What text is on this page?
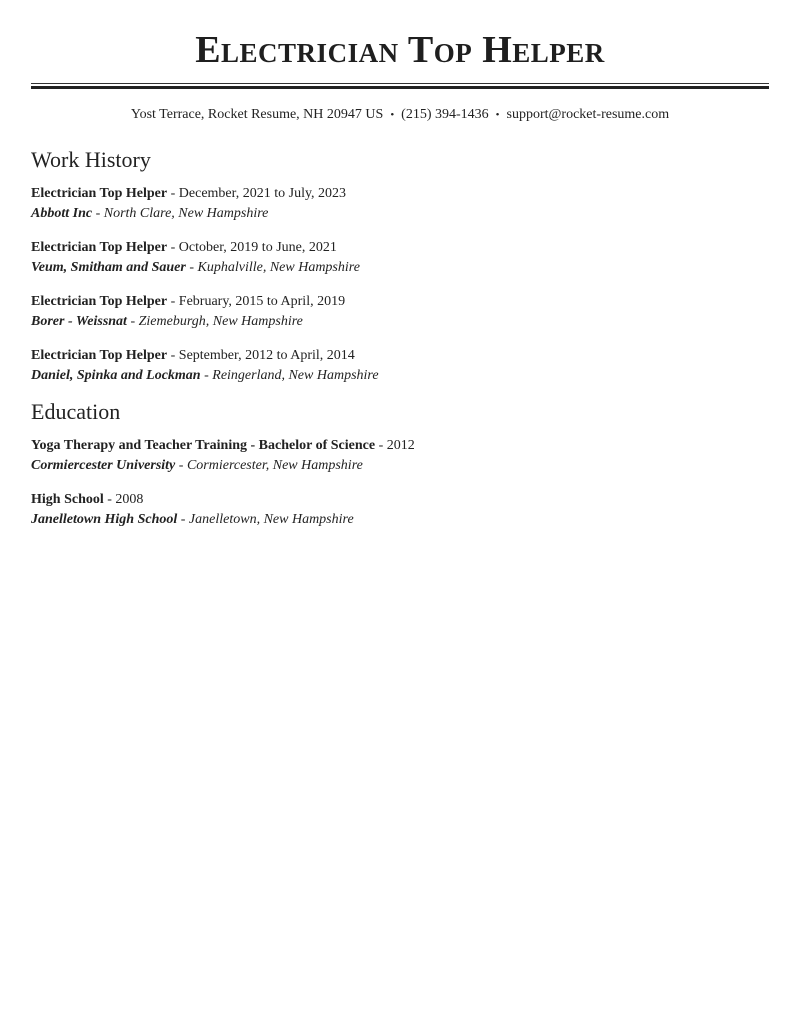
Electrician Top Helper
Yost Terrace, Rocket Resume, NH 20947 US • (215) 394-1436 • support@rocket-resume.com
Work History
Electrician Top Helper - December, 2021 to July, 2023
Abbott Inc - North Clare, New Hampshire
Electrician Top Helper - October, 2019 to June, 2021
Veum, Smitham and Sauer - Kuphalville, New Hampshire
Electrician Top Helper - February, 2015 to April, 2019
Borer - Weissnat - Ziemeburgh, New Hampshire
Electrician Top Helper - September, 2012 to April, 2014
Daniel, Spinka and Lockman - Reingerland, New Hampshire
Education
Yoga Therapy and Teacher Training - Bachelor of Science - 2012
Cormiercester University - Cormiercester, New Hampshire
High School - 2008
Janelletown High School - Janelletown, New Hampshire
